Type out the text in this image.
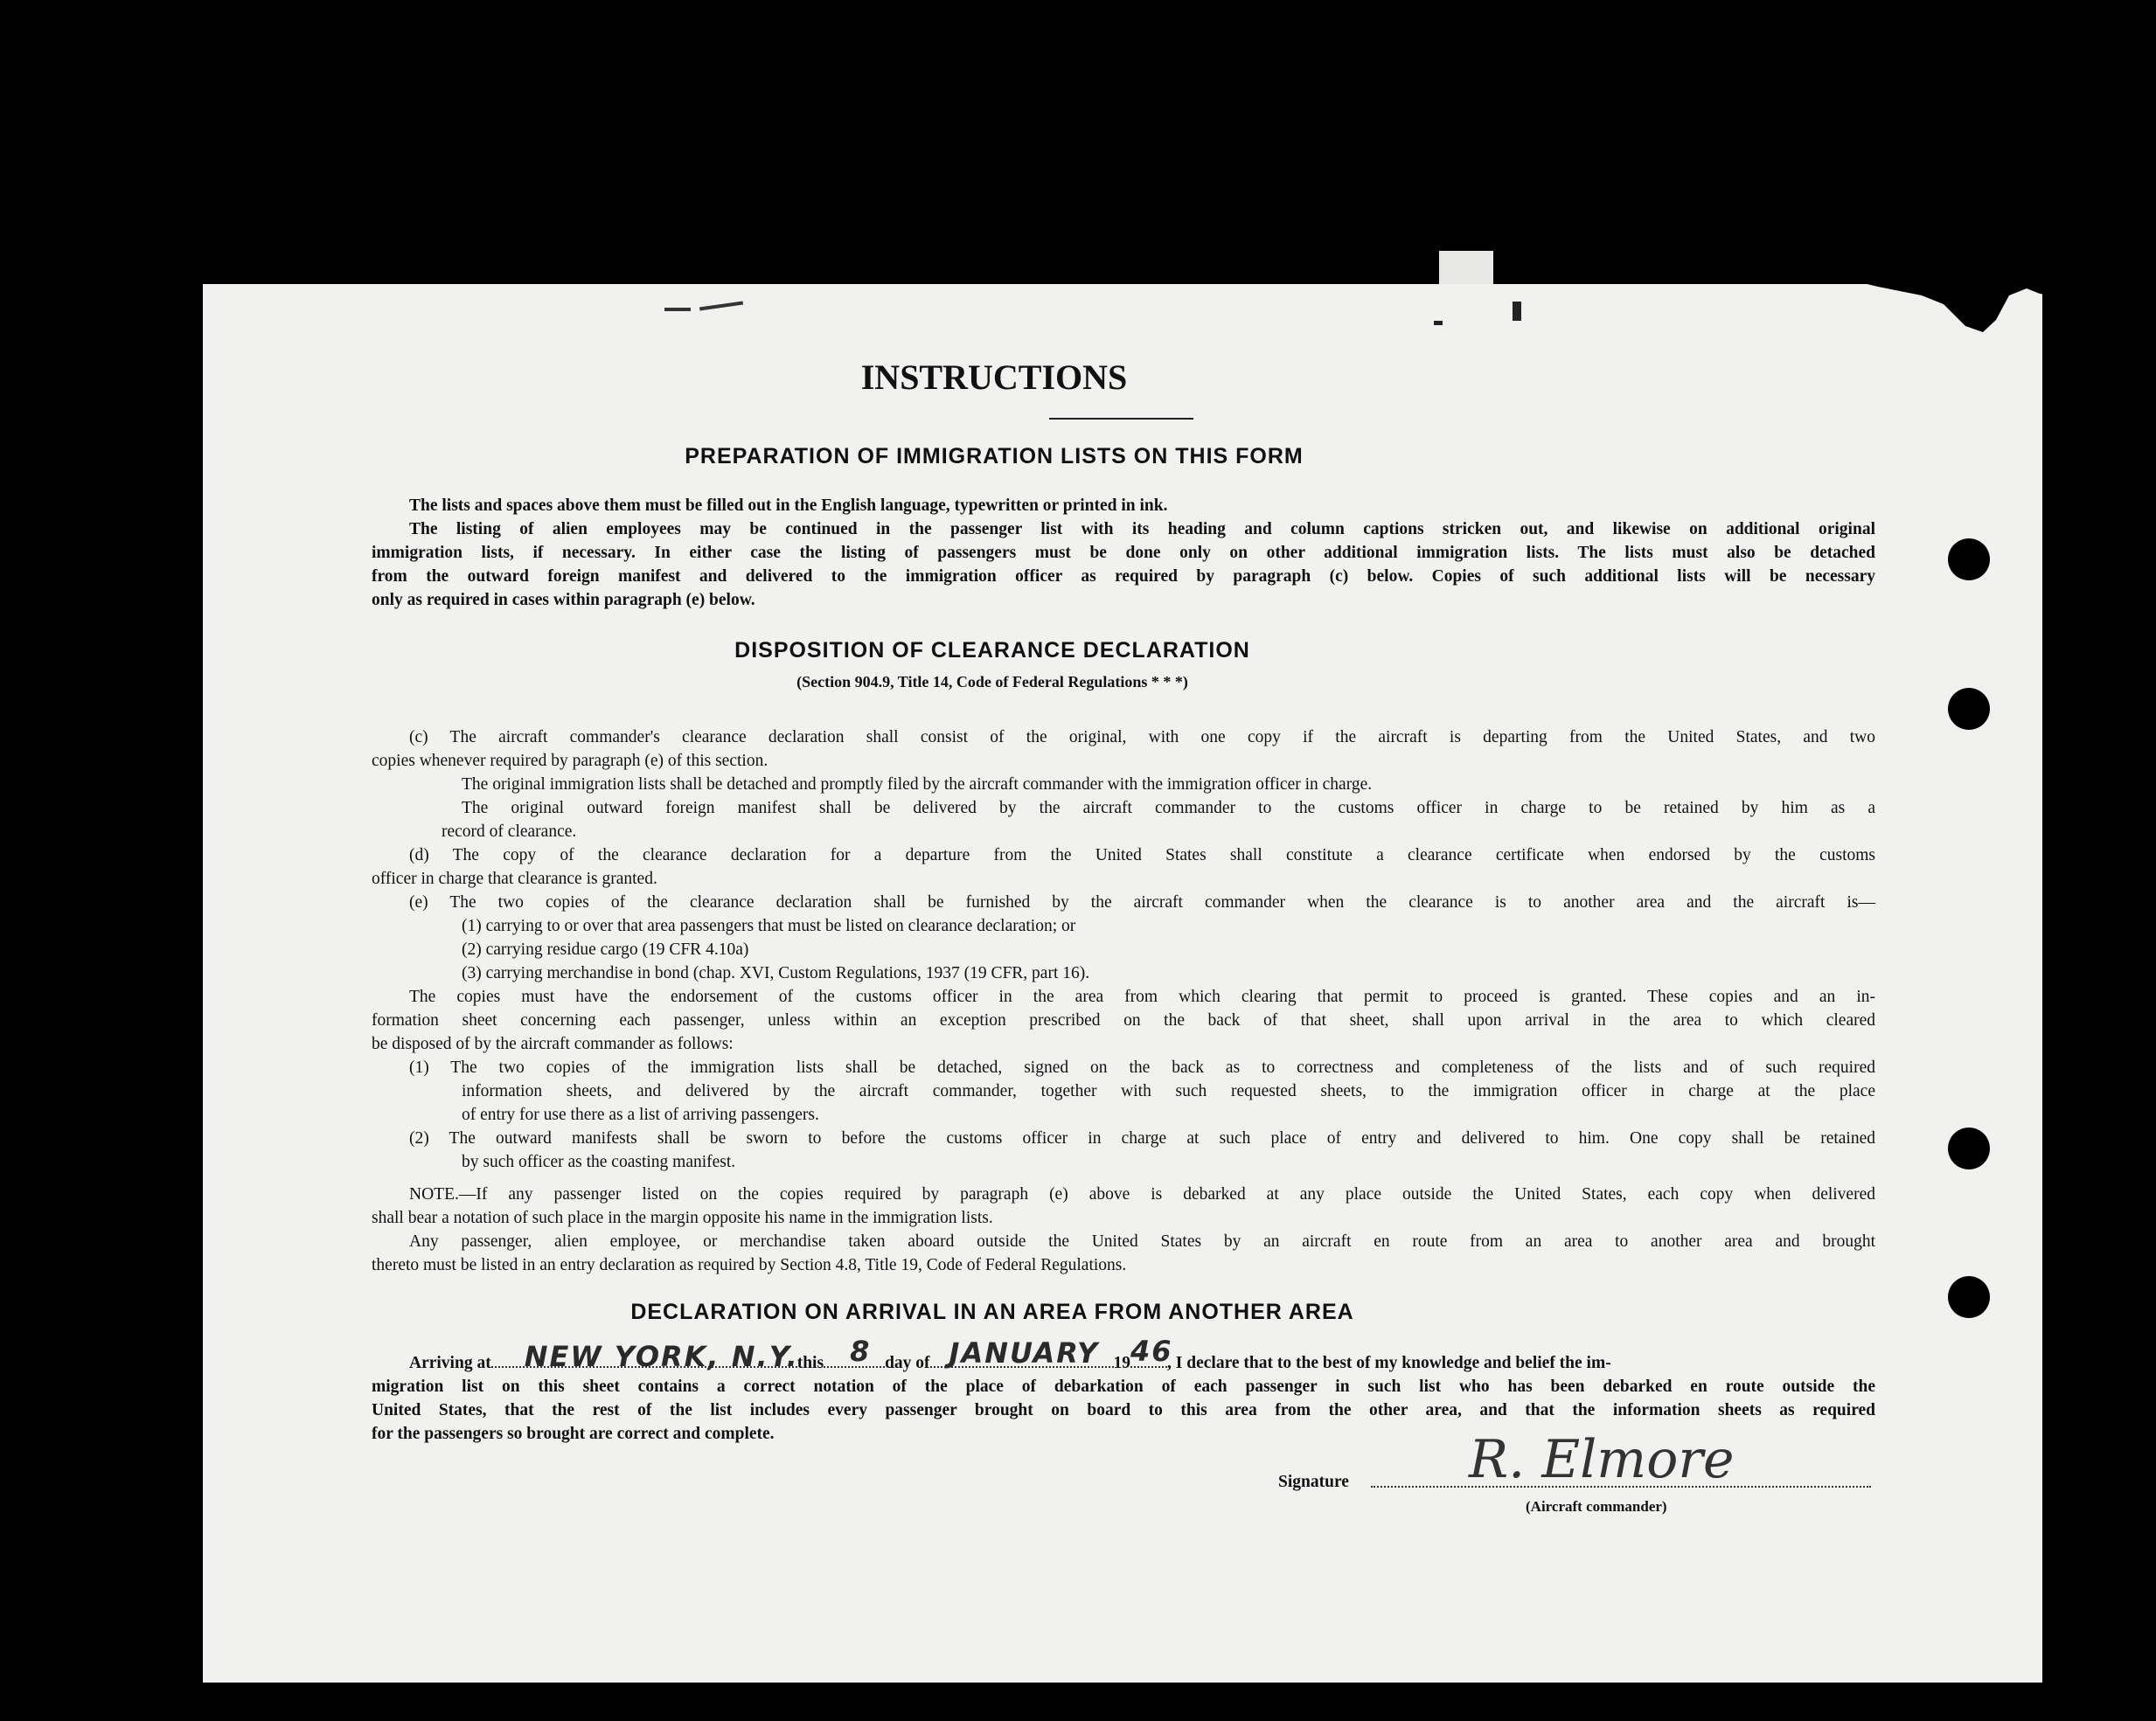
INSTRUCTIONS
PREPARATION OF IMMIGRATION LISTS ON THIS FORM
The lists and spaces above them must be filled out in the English language, typewritten or printed in ink.
The listing of alien employees may be continued in the passenger list with its heading and column captions stricken out, and likewise on additional original
immigration lists, if necessary. In either case the listing of passengers must be done only on other additional immigration lists. The lists must also be detached
from the outward foreign manifest and delivered to the immigration officer as required by paragraph (c) below. Copies of such additional lists will be necessary
only as required in cases within paragraph (e) below.
DISPOSITION OF CLEARANCE DECLARATION
(Section 904.9, Title 14, Code of Federal Regulations * * *)
(c) The aircraft commander's clearance declaration shall consist of the original, with one copy if the aircraft is departing from the United States, and two
copies whenever required by paragraph (e) of this section.
The original immigration lists shall be detached and promptly filed by the aircraft commander with the immigration officer in charge.
The original outward foreign manifest shall be delivered by the aircraft commander to the customs officer in charge to be retained by him as a
record of clearance.
(d) The copy of the clearance declaration for a departure from the United States shall constitute a clearance certificate when endorsed by the customs
officer in charge that clearance is granted.
(e) The two copies of the clearance declaration shall be furnished by the aircraft commander when the clearance is to another area and the aircraft is—
(1) carrying to or over that area passengers that must be listed on clearance declaration; or
(2) carrying residue cargo (19 CFR 4.10a)
(3) carrying merchandise in bond (chap. XVI, Custom Regulations, 1937 (19 CFR, part 16).
The copies must have the endorsement of the customs officer in the area from which clearing that permit to proceed is granted. These copies and an in-
formation sheet concerning each passenger, unless within an exception prescribed on the back of that sheet, shall upon arrival in the area to which cleared
be disposed of by the aircraft commander as follows:
(1) The two copies of the immigration lists shall be detached, signed on the back as to correctness and completeness of the lists and of such required
information sheets, and delivered by the aircraft commander, together with such requested sheets, to the immigration officer in charge at the place
of entry for use there as a list of arriving passengers.
(2) The outward manifests shall be sworn to before the customs officer in charge at such place of entry and delivered to him. One copy shall be retained
by such officer as the coasting manifest.
NOTE.—If any passenger listed on the copies required by paragraph (e) above is debarked at any place outside the United States, each copy when delivered
shall bear a notation of such place in the margin opposite his name in the immigration lists.
Any passenger, alien employee, or merchandise taken aboard outside the United States by an aircraft en route from an area to another area and brought
thereto must be listed in an entry declaration as required by Section 4.8, Title 19, Code of Federal Regulations.
DECLARATION ON ARRIVAL IN AN AREA FROM ANOTHER AREA
Arriving at NEW YORK, N.Y.
this 8 day of JANUARY 19 46
, I declare that to the best of my knowledge and belief the im-
migration list on this sheet contains a correct notation of the place of debarkation of each passenger in such list who has been debarked en route outside the
United States, that the rest of the list includes every passenger brought on board to this area from the other area, and that the information sheets as required
for the passengers so brought are correct and complete.
Signature	R. Elmore
(Aircraft commander)
